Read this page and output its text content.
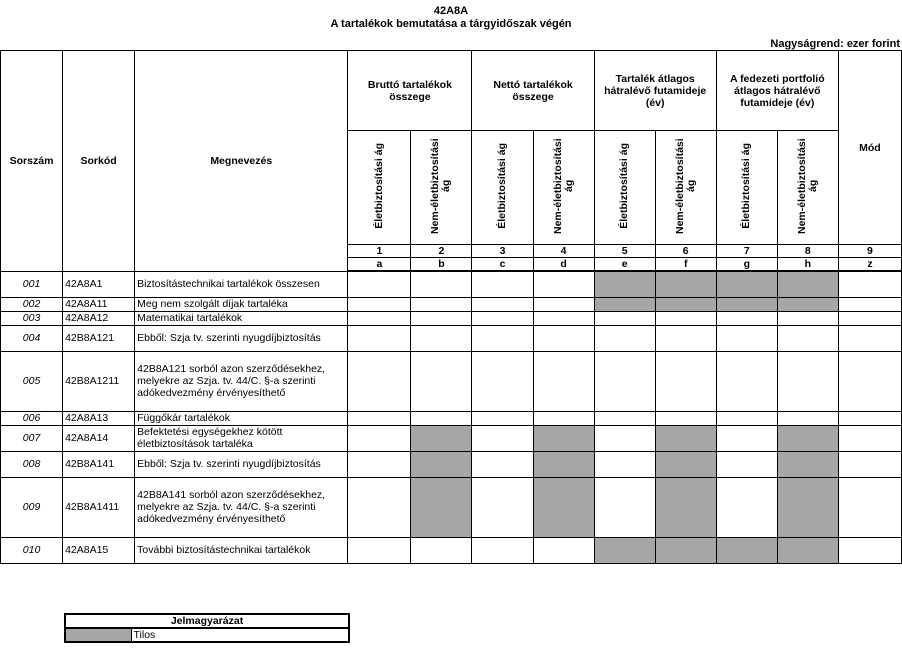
42A8A
A tartalékok bemutatása a tárgyidőszak végén
Nagyságrend: ezer forint
Sorszám	Sorkód	Megnevezés	Bruttó tartalékok összege		Nettó tartalékok összege		Tartalék átlagos hátralévő futamideje (év)		A fedezeti portfolió átlagos hátralévő futamideje (év)		Mód
			Életbiztosítási ág	Nem-életbiztosítási ág	Életbiztosítási ág	Nem-életbiztosítási ág	Életbiztosítási ág	Nem-életbiztosítási ág	Életbiztosítási ág	Nem-életbiztosítási ág	
			1	2	3	4	5	6	7	8	9
			a	b	c	d	e	f	g	h	z
001	42A8A1	Biztosítástechnikai tartalékok összesen									
002	42A8A11	Meg nem szolgált díjak tartaléka									
003	42A8A12	Matematikai tartalékok									
004	42B8A121	Ebből: Szja tv. szerinti nyugdíjbiztosítás									
005	42B8A1211	42B8A121 sorból azon szerződésekhez, melyekre az Szja. tv. 44/C. §-a szerinti adókedvezmény érvényesíthető									
006	42A8A13	Függőkár tartalékok									
007	42A8A14	Befektetési egységekhez kötött életbiztosítások tartaléka									
008	42B8A141	Ebből: Szja tv. szerinti nyugdíjbiztosítás									
009	42B8A1411	42B8A141 sorból azon szerződésekhez, melyekre az Szja. tv. 44/C. §-a szerinti adókedvezmény érvényesíthető									
010	42A8A15	További biztosítástechnikai tartalékok									
Jelmagyarázat
	Tilos
